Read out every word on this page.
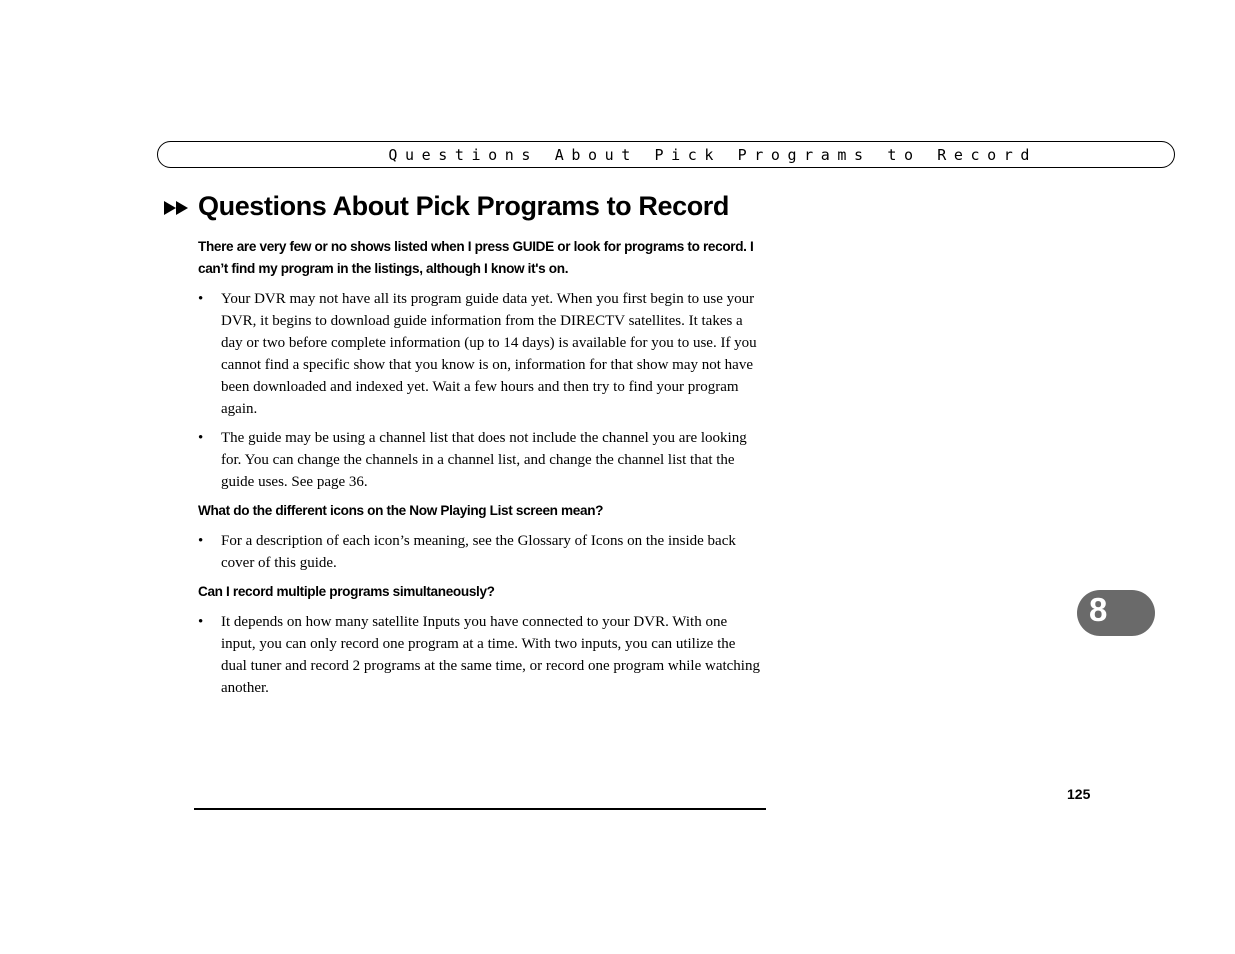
Questions About Pick Programs to Record
Questions About Pick Programs to Record

There are very few or no shows listed when I press GUIDE or look for programs to record. I can’t find my program in the listings, although I know it's on.

• Your DVR may not have all its program guide data yet. When you first begin to use your DVR, it begins to download guide information from the DIRECTV satellites. It takes a day or two before complete information (up to 14 days) is available for you to use. If you cannot find a specific show that you know is on, information for that show may not have been downloaded and indexed yet. Wait a few hours and then try to find your program again.
• The guide may be using a channel list that does not include the channel you are looking for. You can change the channels in a channel list, and change the channel list that the guide uses. See page 36.

What do the different icons on the Now Playing List screen mean?

• For a description of each icon’s meaning, see the Glossary of Icons on the inside back cover of this guide.

Can I record multiple programs simultaneously?

• It depends on how many satellite Inputs you have connected to your DVR. With one input, you can only record one program at a time. With two inputs, you can utilize the dual tuner and record 2 programs at the same time, or record one program while watching another.
125
8
